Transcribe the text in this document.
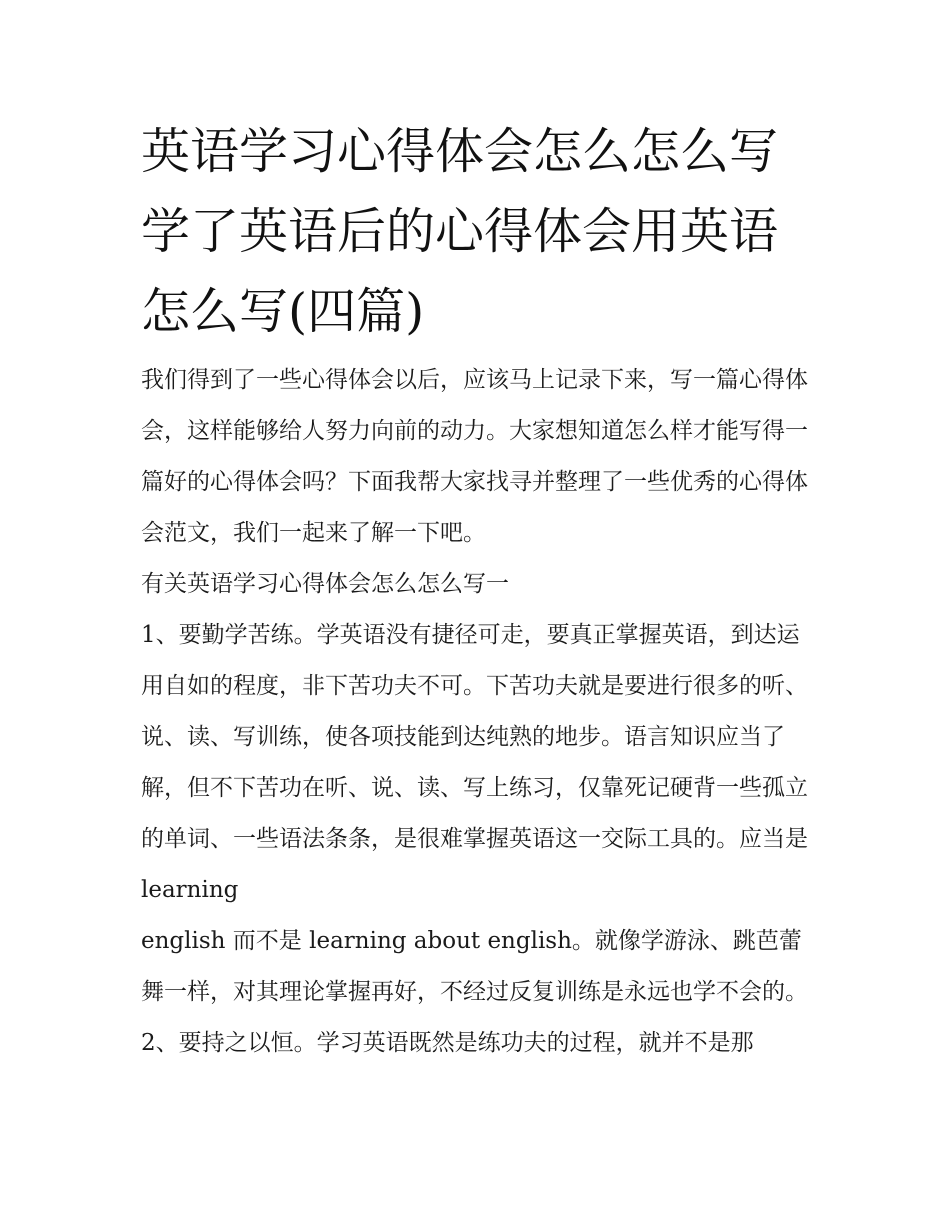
英语学习心得体会怎么怎么写 学了英语后的心得体会用英语怎么写(四篇)

我们得到了一些心得体会以后，应该马上记录下来，写一篇心得体会，这样能够给人努力向前的动力。大家想知道怎么样才能写得一篇好的心得体会吗？下面我帮大家找寻并整理了一些优秀的心得体会范文，我们一起来了解一下吧。

有关英语学习心得体会怎么怎么写一

1、要勤学苦练。学英语没有捷径可走，要真正掌握英语，到达运用自如的程度，非下苦功夫不可。下苦功夫就是要进行很多的听、说、读、写训练，使各项技能到达纯熟的地步。语言知识应当了解，但不下苦功在听、说、读、写上练习，仅靠死记硬背一些孤立的单词、一些语法条条，是很难掌握英语这一交际工具的。应当是 learning

english 而不是 learning about english。就像学游泳、跳芭蕾舞一样，对其理论掌握再好，不经过反复训练是永远也学不会的。

2、要持之以恒。学习英语既然是练功夫的过程，就并不是那
